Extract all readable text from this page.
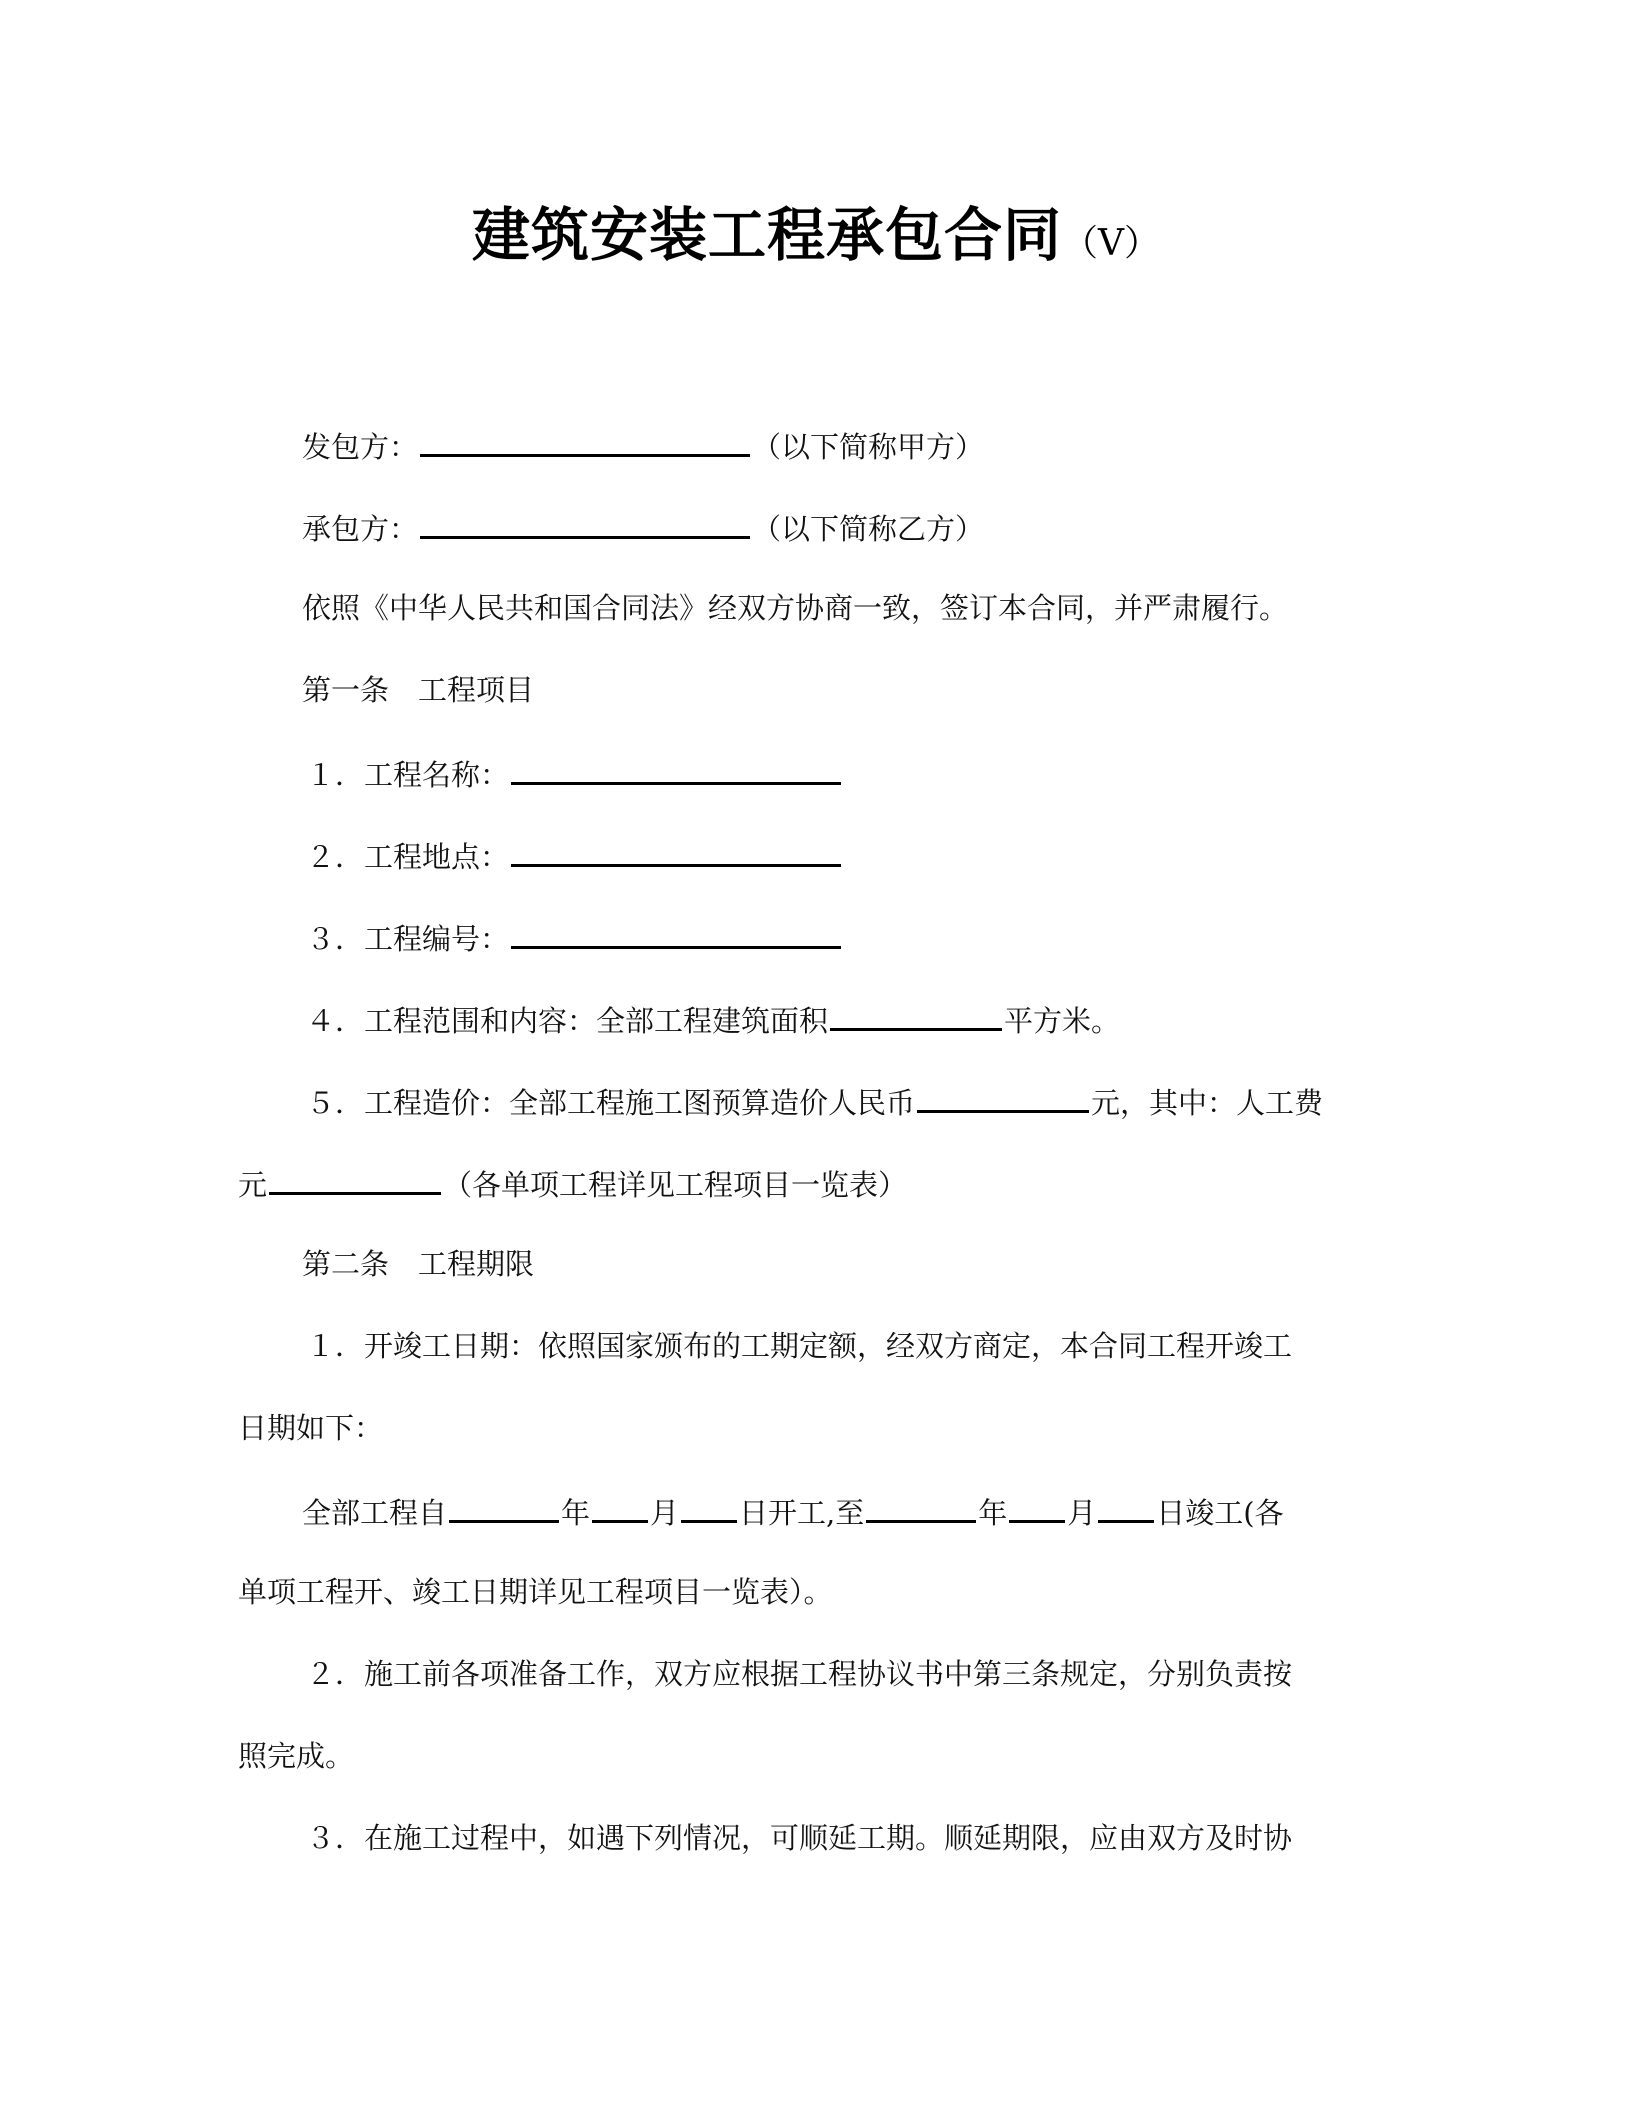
建筑安装工程承包合同（V）
发包方：	（以下简称甲方）
承包方：	（以下简称乙方）
依照《中华人民共和国合同法》经双方协商一致，签订本合同，并严肃履行。
第一条　工程项目
１．工程名称：
２．工程地点：
３．工程编号：
４．工程范围和内容：全部工程建筑面积	平方米。
５．工程造价：全部工程施工图预算造价人民币	元，其中：人工费
元	（各单项工程详见工程项目一览表）
第二条　工程期限
１．开竣工日期：依照国家颁布的工期定额，经双方商定，本合同工程开竣工
日期如下：
全部工程自	年 月 日开工,至	年 月 日竣工(各
单项工程开、竣工日期详见工程项目一览表）。
２．施工前各项准备工作，双方应根据工程协议书中第三条规定，分别负责按
照完成。
３．在施工过程中，如遇下列情况，可顺延工期。顺延期限，应由双方及时协
